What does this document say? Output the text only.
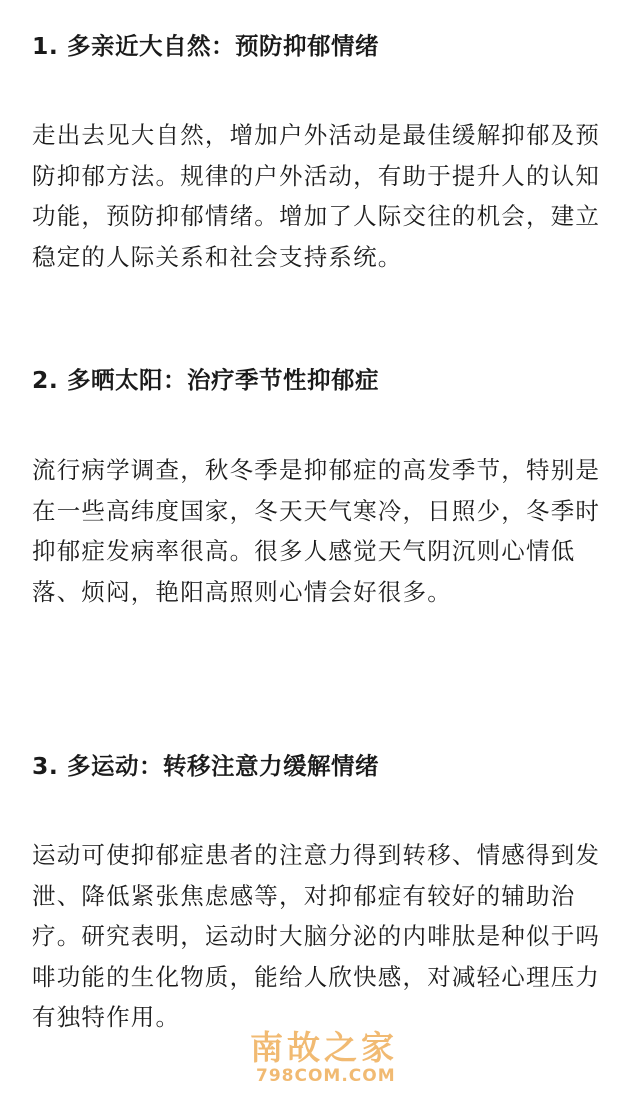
1. 多亲近大自然：预防抑郁情绪

走出去见大自然，增加户外活动是最佳缓解抑郁及预防抑郁方法。规律的户外活动，有助于提升人的认知功能，预防抑郁情绪。增加了人际交往的机会，建立稳定的人际关系和社会支持系统。

2. 多晒太阳：治疗季节性抑郁症

流行病学调查，秋冬季是抑郁症的高发季节，特别是在一些高纬度国家，冬天天气寒冷，日照少，冬季时抑郁症发病率很高。很多人感觉天气阴沉则心情低落、烦闷，艳阳高照则心情会好很多。

3. 多运动：转移注意力缓解情绪

运动可使抑郁症患者的注意力得到转移、情感得到发泄、降低紧张焦虑感等，对抑郁症有较好的辅助治疗。研究表明，运动时大脑分泌的内啡肽是种似于吗啡功能的生化物质，能给人欣快感，对减轻心理压力有独特作用。

南故之家
798COM.COM
